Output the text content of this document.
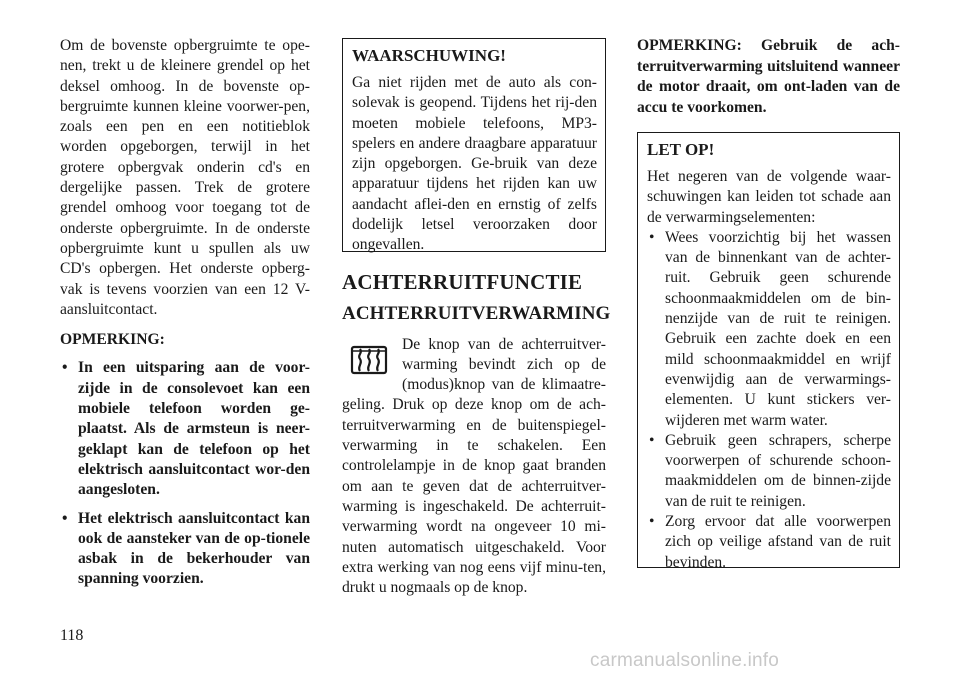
Om de bovenste opbergruimte te ope-nen, trekt u de kleinere grendel op het deksel omhoog. In de bovenste op-bergruimte kunnen kleine voorwer-pen, zoals een pen en een notitieblok worden opgeborgen, terwijl in het grotere opbergvak onderin cd's en dergelijke passen. Trek de grotere grendel omhoog voor toegang tot de onderste opbergruimte. In de onderste opbergruimte kunt u spullen als uw CD's opbergen. Het onderste opberg-vak is tevens voorzien van een 12 V-aansluitcontact.

OPMERKING:

• In een uitsparing aan de voor-zijde in de consolevoet kan een mobiele telefoon worden ge-plaatst. Als de armsteun is neer-geklapt kan de telefoon op het elektrisch aansluitcontact wor-den aangesloten.
• Het elektrisch aansluitcontact kan ook de aansteker van de op-tionele asbak in de bekerhouder van spanning voorzien.
WAARSCHUWING!

Ga niet rijden met de auto als con-solevak is geopend. Tijdens het rij-den moeten mobiele telefoons, MP3-spelers en andere draagbare apparatuur zijn opgeborgen. Ge-bruik van deze apparatuur tijdens het rijden kan uw aandacht aflei-den en ernstig of zelfs dodelijk letsel veroorzaken door ongevallen.

ACHTERRUITFUNCTIE
ACHTERRUITVERWARMING

De knop van de achterruitver-warming bevindt zich op de (modus)knop van de klimaatre-geling. Druk op deze knop om de ach-terruitverwarming en de buitenspiegel-verwarming in te schakelen. Een controlelampje in de knop gaat branden om aan te geven dat de achterruitver-warming is ingeschakeld. De achterruit-verwarming wordt na ongeveer 10 mi-nuten automatisch uitgeschakeld. Voor extra werking van nog eens vijf minu-ten, drukt u nogmaals op de knop.

OPMERKING: Gebruik de ach-terruitverwarming uitsluitend wanneer de motor draait, om ont-laden van de accu te voorkomen.

LET OP!

Het negeren van de volgende waar-schuwingen kan leiden tot schade aan de verwarmingselementen:

• Wees voorzichtig bij het wassen van de binnenkant van de achter-ruit. Gebruik geen schurende schoonmaakmiddelen om de bin-nenzijde van de ruit te reinigen. Gebruik een zachte doek en een mild schoonmaakmiddel en wrijf evenwijdig aan de verwarmings-elementen. U kunt stickers ver-wijderen met warm water.
• Gebruik geen schrapers, scherpe voorwerpen of schurende schoon-maakmiddelen om de binnen-zijde van de ruit te reinigen.
• Zorg ervoor dat alle voorwerpen zich op veilige afstand van de ruit bevinden.
118
carmanualsonline.info
